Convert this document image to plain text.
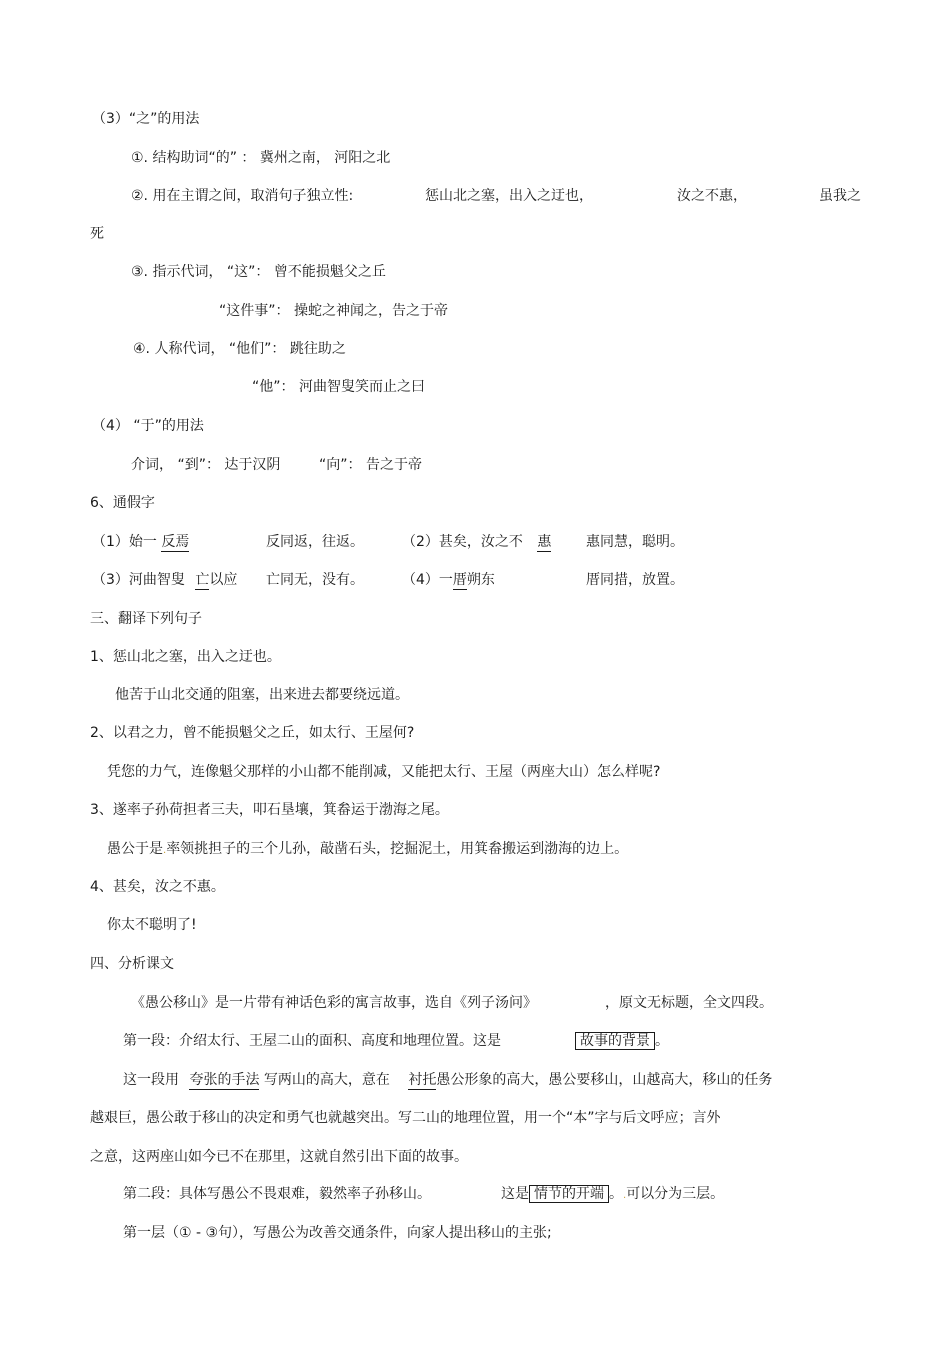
（3）“之”的用法
①. 结构助词“的” ： 冀州之南， 河阳之北
②. 用在主谓之间，取消句子独立性:	惩山北之塞，出入之迂也，	汝之不惠，	虽我之
死
③. 指示代词， “这”： 曾不能损魁父之丘
“这件事”： 操蛇之神闻之，告之于帝
④. 人称代词， “他们”： 跳往助之
“他”： 河曲智叟笑而止之曰
（4） “于”的用法
介词， “到”： 达于汉阴	“向”： 告之于帝
6、通假字
（1）始一 反焉	反同返，往返。	（2）甚矣，汝之不 惠 惠同慧，聪明。
（3）河曲智叟 亡以应 亡同无，没有。	（4）一厝朔东	厝同措，放置。
三、翻译下列句子
1、惩山北之塞，出入之迂也。
他苦于山北交通的阻塞，出来进去都要绕远道。
2、以君之力，曾不能损魁父之丘，如太行、王屋何?
凭您的力气，连像魁父那样的小山都不能削减，又能把太行、王屋（两座大山）怎么样呢?
3、遂率子孙荷担者三夫，叩石垦壤，箕畚运于渤海之尾。
愚公于是.率领挑担子的三个儿孙，敲凿石头，挖掘泥土，用箕畚搬运到渤海的边上。
4、甚矣，汝之不惠。
你太不聪明了!
四、分析课文
《愚公移山》是一片带有神话色彩的寓言故事，选自《列子汤问》	，原文无标题，全文四段。
第一段：介绍太行、王屋二山的面积、高度和地理位置。这是	故事的背景 。
这一段用 夸张的手法 写两山的高大，意在 衬托愚公形象的高大，愚公要移山，山越高大，移山的任务
越艰巨，愚公敢于移山的决定和勇气也就越突出。写二山的地理位置，用一个“本”字与后文呼应；言外
之意，这两座山如今已不在那里，这就自然引出下面的故事。
第二段：具体写愚公不畏艰难，毅然率子孙移山。	这是 情节的开端 。.可以分为三层。
第一层（① - ③句），写愚公为改善交通条件，向家人提出移山的主张;
